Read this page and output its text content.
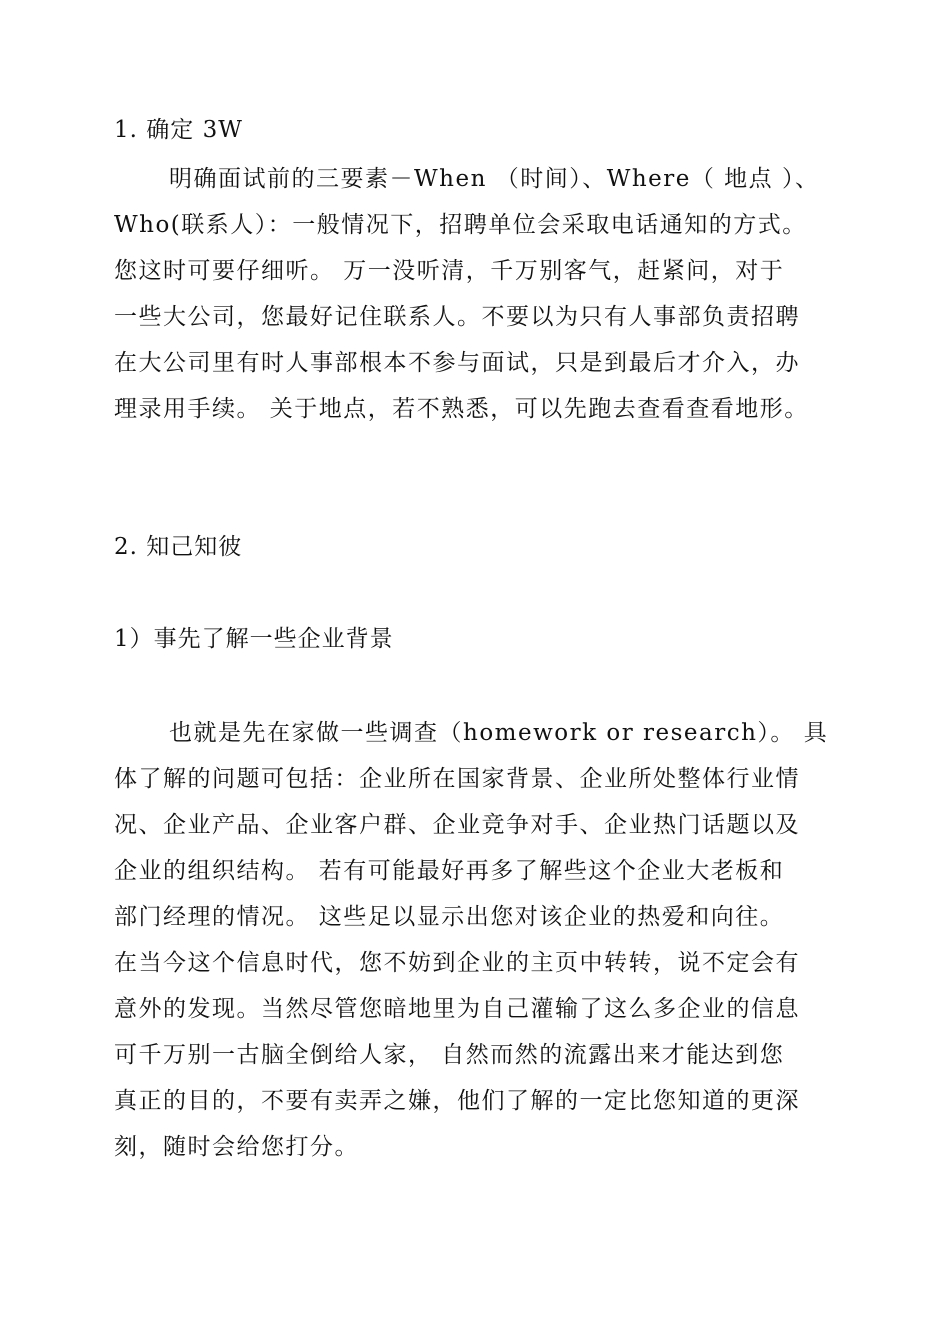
1. 确定 3W
明确面试前的三要素－When （时间）、Where（ 地点 ）、
Who(联系人）：一般情况下，招聘单位会采取电话通知的方式。
您这时可要仔细听。 万一没听清，千万别客气，赶紧问，对于
一些大公司，您最好记住联系人。不要以为只有人事部负责招聘
在大公司里有时人事部根本不参与面试，只是到最后才介入，办
理录用手续。 关于地点，若不熟悉，可以先跑去查看查看地形。
2. 知己知彼
1）事先了解一些企业背景
也就是先在家做一些调查（homework or research）。 具
体了解的问题可包括：企业所在国家背景、企业所处整体行业情
况、企业产品、企业客户群、企业竞争对手、企业热门话题以及
企业的组织结构。 若有可能最好再多了解些这个企业大老板和
部门经理的情况。 这些足以显示出您对该企业的热爱和向往。
在当今这个信息时代，您不妨到企业的主页中转转，说不定会有
意外的发现。当然尽管您暗地里为自己灌输了这么多企业的信息
可千万别一古脑全倒给人家， 自然而然的流露出来才能达到您
真正的目的，不要有卖弄之嫌，他们了解的一定比您知道的更深
刻，随时会给您打分。
